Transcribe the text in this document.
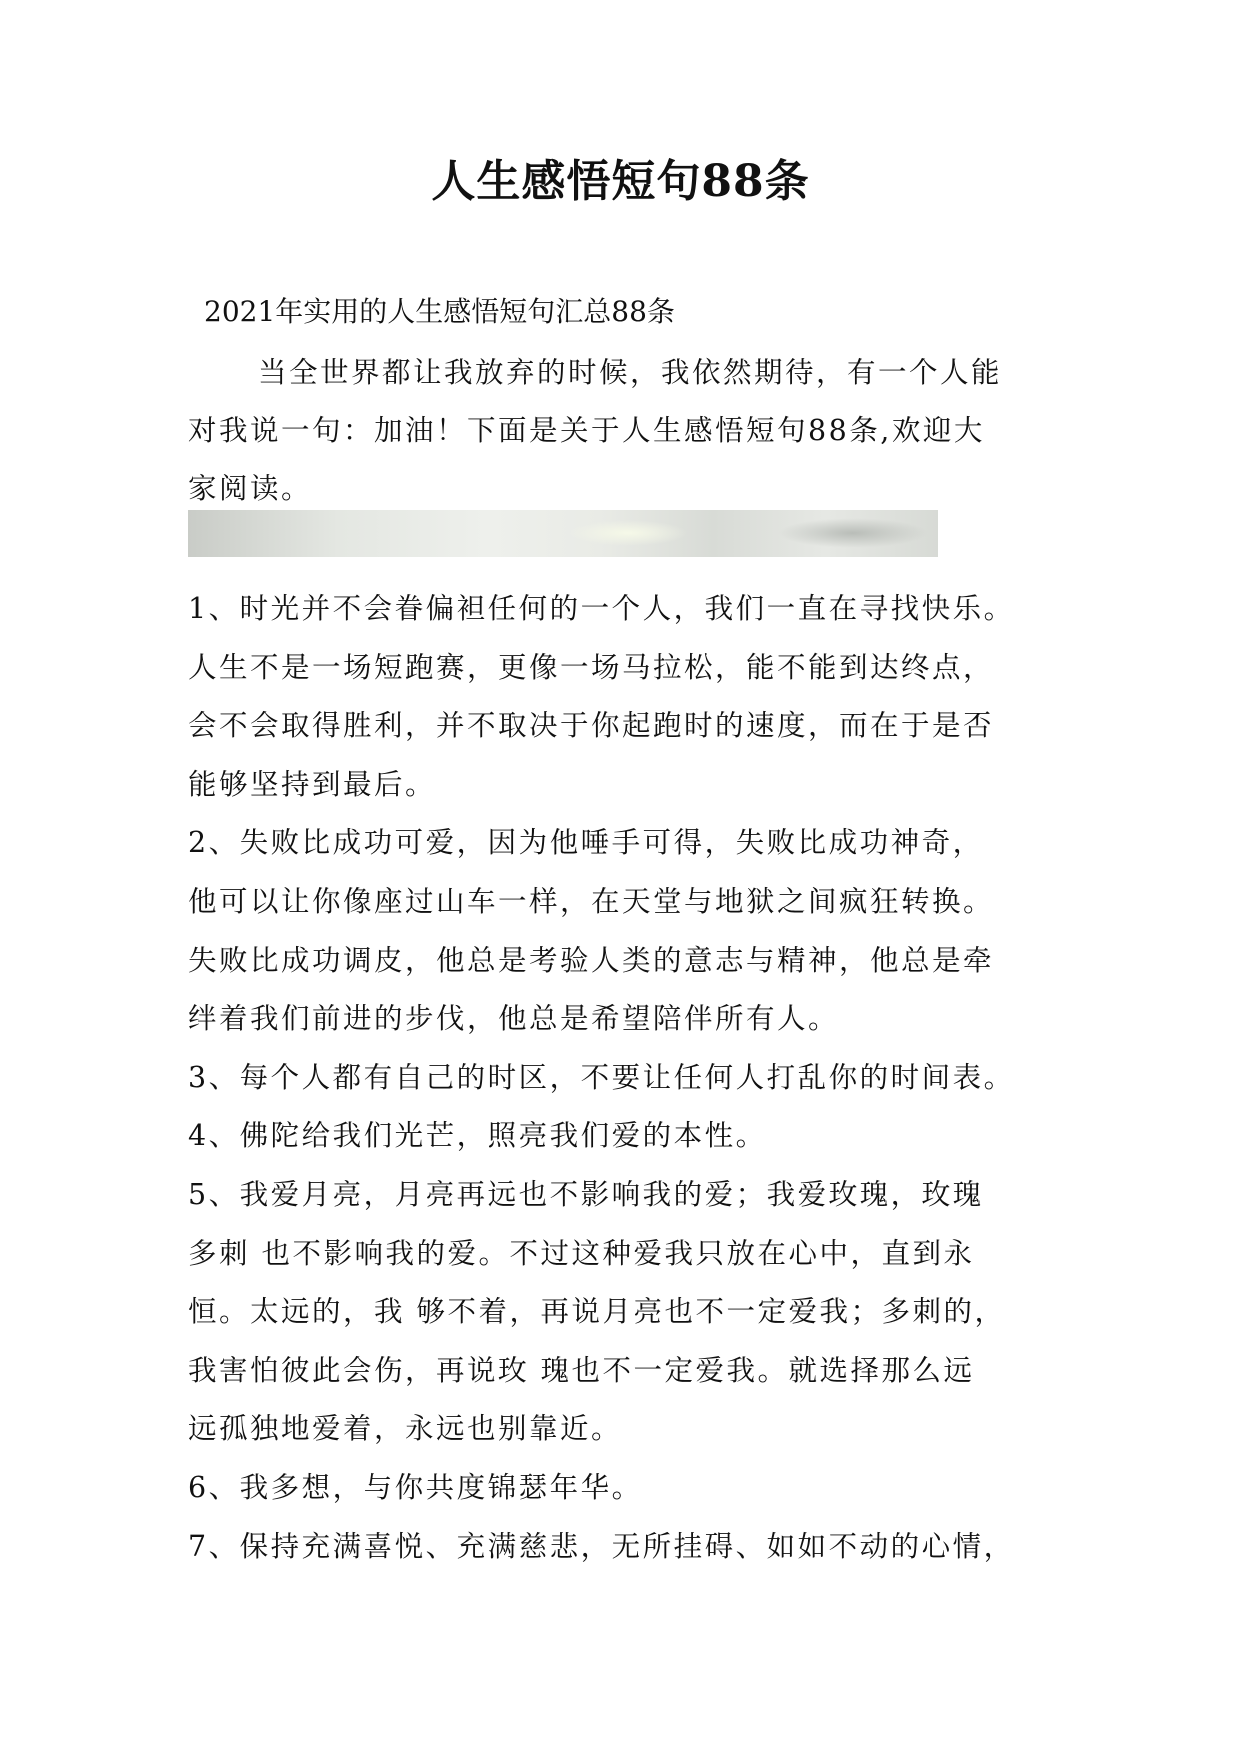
人生感悟短句88条
2021年实用的人生感悟短句汇总88条
当全世界都让我放弃的时候，我依然期待，有一个人能
对我说一句：加油！下面是关于人生感悟短句88条,欢迎大
家阅读。
1、时光并不会眷偏袒任何的一个人，我们一直在寻找快乐。
人生不是一场短跑赛，更像一场马拉松，能不能到达终点，
会不会取得胜利，并不取决于你起跑时的速度，而在于是否
能够坚持到最后。
2、失败比成功可爱，因为他唾手可得，失败比成功神奇，
他可以让你像座过山车一样，在天堂与地狱之间疯狂转换。
失败比成功调皮，他总是考验人类的意志与精神，他总是牵
绊着我们前进的步伐，他总是希望陪伴所有人。
3、每个人都有自己的时区，不要让任何人打乱你的时间表。
4、佛陀给我们光芒，照亮我们爱的本性。
5、我爱月亮，月亮再远也不影响我的爱；我爱玫瑰，玫瑰
多刺 也不影响我的爱。不过这种爱我只放在心中，直到永
恒。太远的，我 够不着，再说月亮也不一定爱我；多刺的，
我害怕彼此会伤，再说玫 瑰也不一定爱我。就选择那么远
远孤独地爱着，永远也别靠近。
6、我多想，与你共度锦瑟年华。
7、保持充满喜悦、充满慈悲，无所挂碍、如如不动的心情，
